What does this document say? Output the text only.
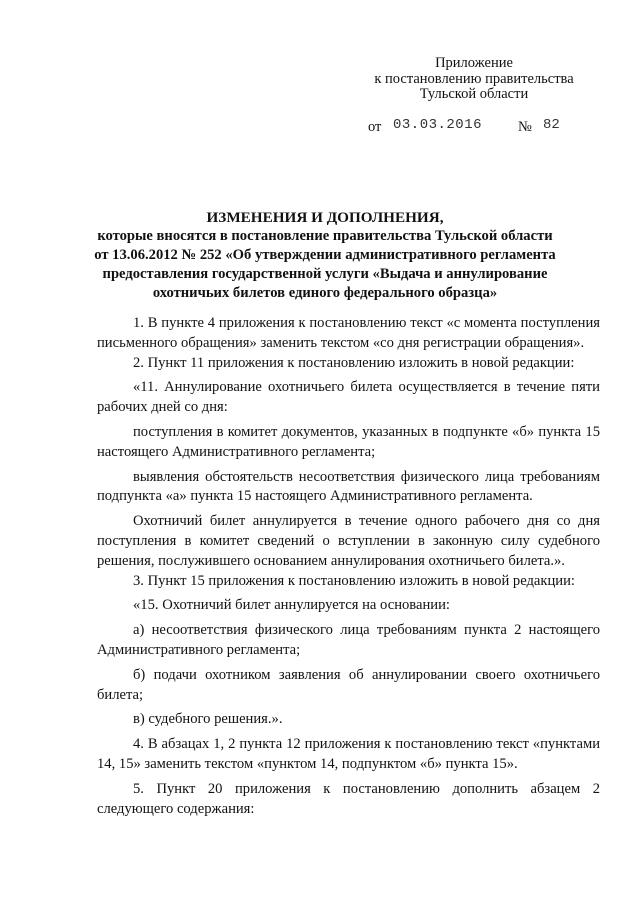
Приложение
к постановлению правительства
Тульской области
от 03.03.2016 № 82
ИЗМЕНЕНИЯ И ДОПОЛНЕНИЯ,
которые вносятся в постановление правительства Тульской области
от 13.06.2012 № 252 «Об утверждении административного регламента
предоставления государственной услуги «Выдача и аннулирование
охотничьих билетов единого федерального образца»

1. В пункте 4 приложения к постановлению текст «с момента поступления письменного обращения» заменить текстом «со дня регистрации обращения».

2. Пункт 11 приложения к постановлению изложить в новой редакции:

«11. Аннулирование охотничьего билета осуществляется в течение пяти рабочих дней со дня:

поступления в комитет документов, указанных в подпункте «б» пункта 15 настоящего Административного регламента;

выявления обстоятельств несоответствия физического лица требованиям подпункта «а» пункта 15 настоящего Административного регламента.

Охотничий билет аннулируется в течение одного рабочего дня со дня поступления в комитет сведений о вступлении в законную силу судебного решения, послужившего основанием аннулирования охотничьего билета.».

3. Пункт 15 приложения к постановлению изложить в новой редакции:

«15. Охотничий билет аннулируется на основании:

а) несоответствия физического лица требованиям пункта 2 настоящего Административного регламента;

б) подачи охотником заявления об аннулировании своего охотничьего билета;

в) судебного решения.».

4. В абзацах 1, 2 пункта 12 приложения к постановлению текст «пунктами 14, 15» заменить текстом «пунктом 14, подпунктом «б» пункта 15».

5. Пункт 20 приложения к постановлению дополнить абзацем 2 следующего содержания:
